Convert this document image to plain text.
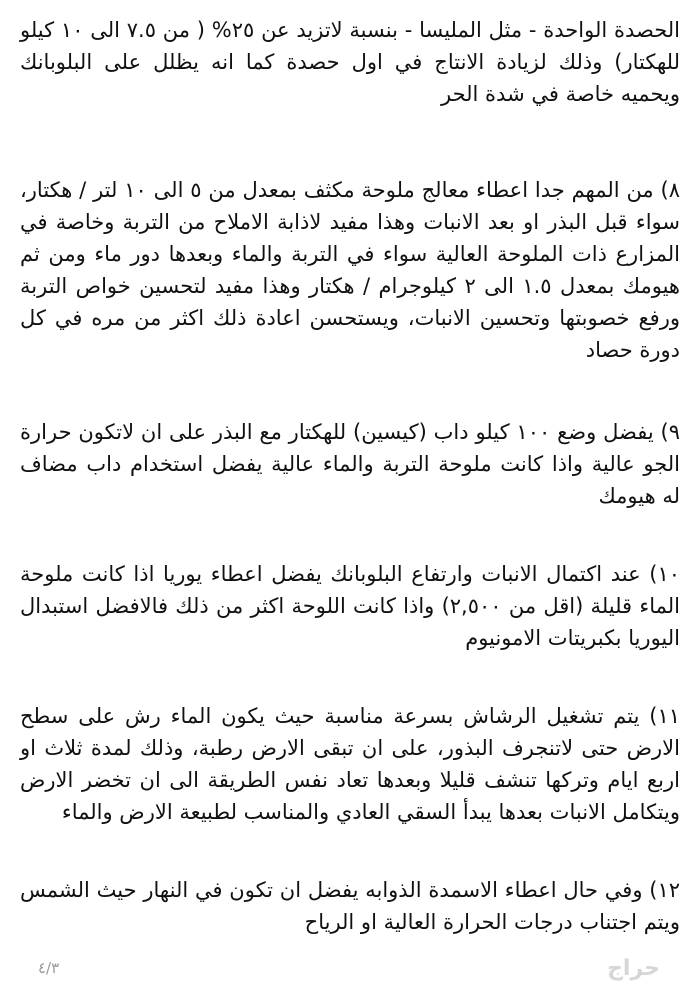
الحصدة الواحدة - مثل المليسا - بنسبة لاتزيد عن ٢٥% ( من ٧.٥ الى ١٠ كيلو للهكتار) وذلك لزيادة الانتاج في اول حصدة كما انه يظلل على البلوبانك ويحميه خاصة في شدة الحر

٨) من المهم جدا اعطاء معالج ملوحة مكثف بمعدل من ٥ الى ١٠ لتر / هكتار، سواء قبل البذر او بعد الانبات وهذا مفيد لاذابة الاملاح من التربة وخاصة في المزارع ذات الملوحة العالية سواء في التربة والماء وبعدها دور ماء ومن ثم هيومك بمعدل ١.٥ الى ٢ كيلوجرام / هكتار وهذا مفيد لتحسين خواص التربة ورفع خصوبتها وتحسين الانبات، ويستحسن اعادة ذلك اكثر من مره في كل دورة حصاد

٩) يفضل وضع ١٠٠ كيلو داب (كيسين) للهكتار مع البذر على ان لاتكون حرارة الجو عالية واذا كانت ملوحة التربة والماء عالية يفضل استخدام داب مضاف له هيومك

١٠) عند اكتمال الانبات وارتفاع البلوبانك يفضل اعطاء يوريا اذا كانت ملوحة الماء قليلة (اقل من ٢,٥٠٠) واذا كانت اللوحة اكثر من ذلك فالافضل استبدال اليوريا بكبريتات الامونيوم

١١) يتم تشغيل الرشاش بسرعة مناسبة حيث يكون الماء رش على سطح الارض حتى لاتنجرف البذور، على ان تبقى الارض رطبة، وذلك لمدة ثلاث او اربع ايام وتركها تنشف قليلا وبعدها تعاد نفس الطريقة الى ان تخضر الارض ويتكامل الانبات بعدها يبدأ السقي العادي والمناسب لطبيعة الارض والماء

١٢) وفي حال اعطاء الاسمدة الذوابه يفضل ان تكون في النهار حيث الشمس ويتم اجتناب درجات الحرارة العالية او الرياح

٤/٣	حراج
